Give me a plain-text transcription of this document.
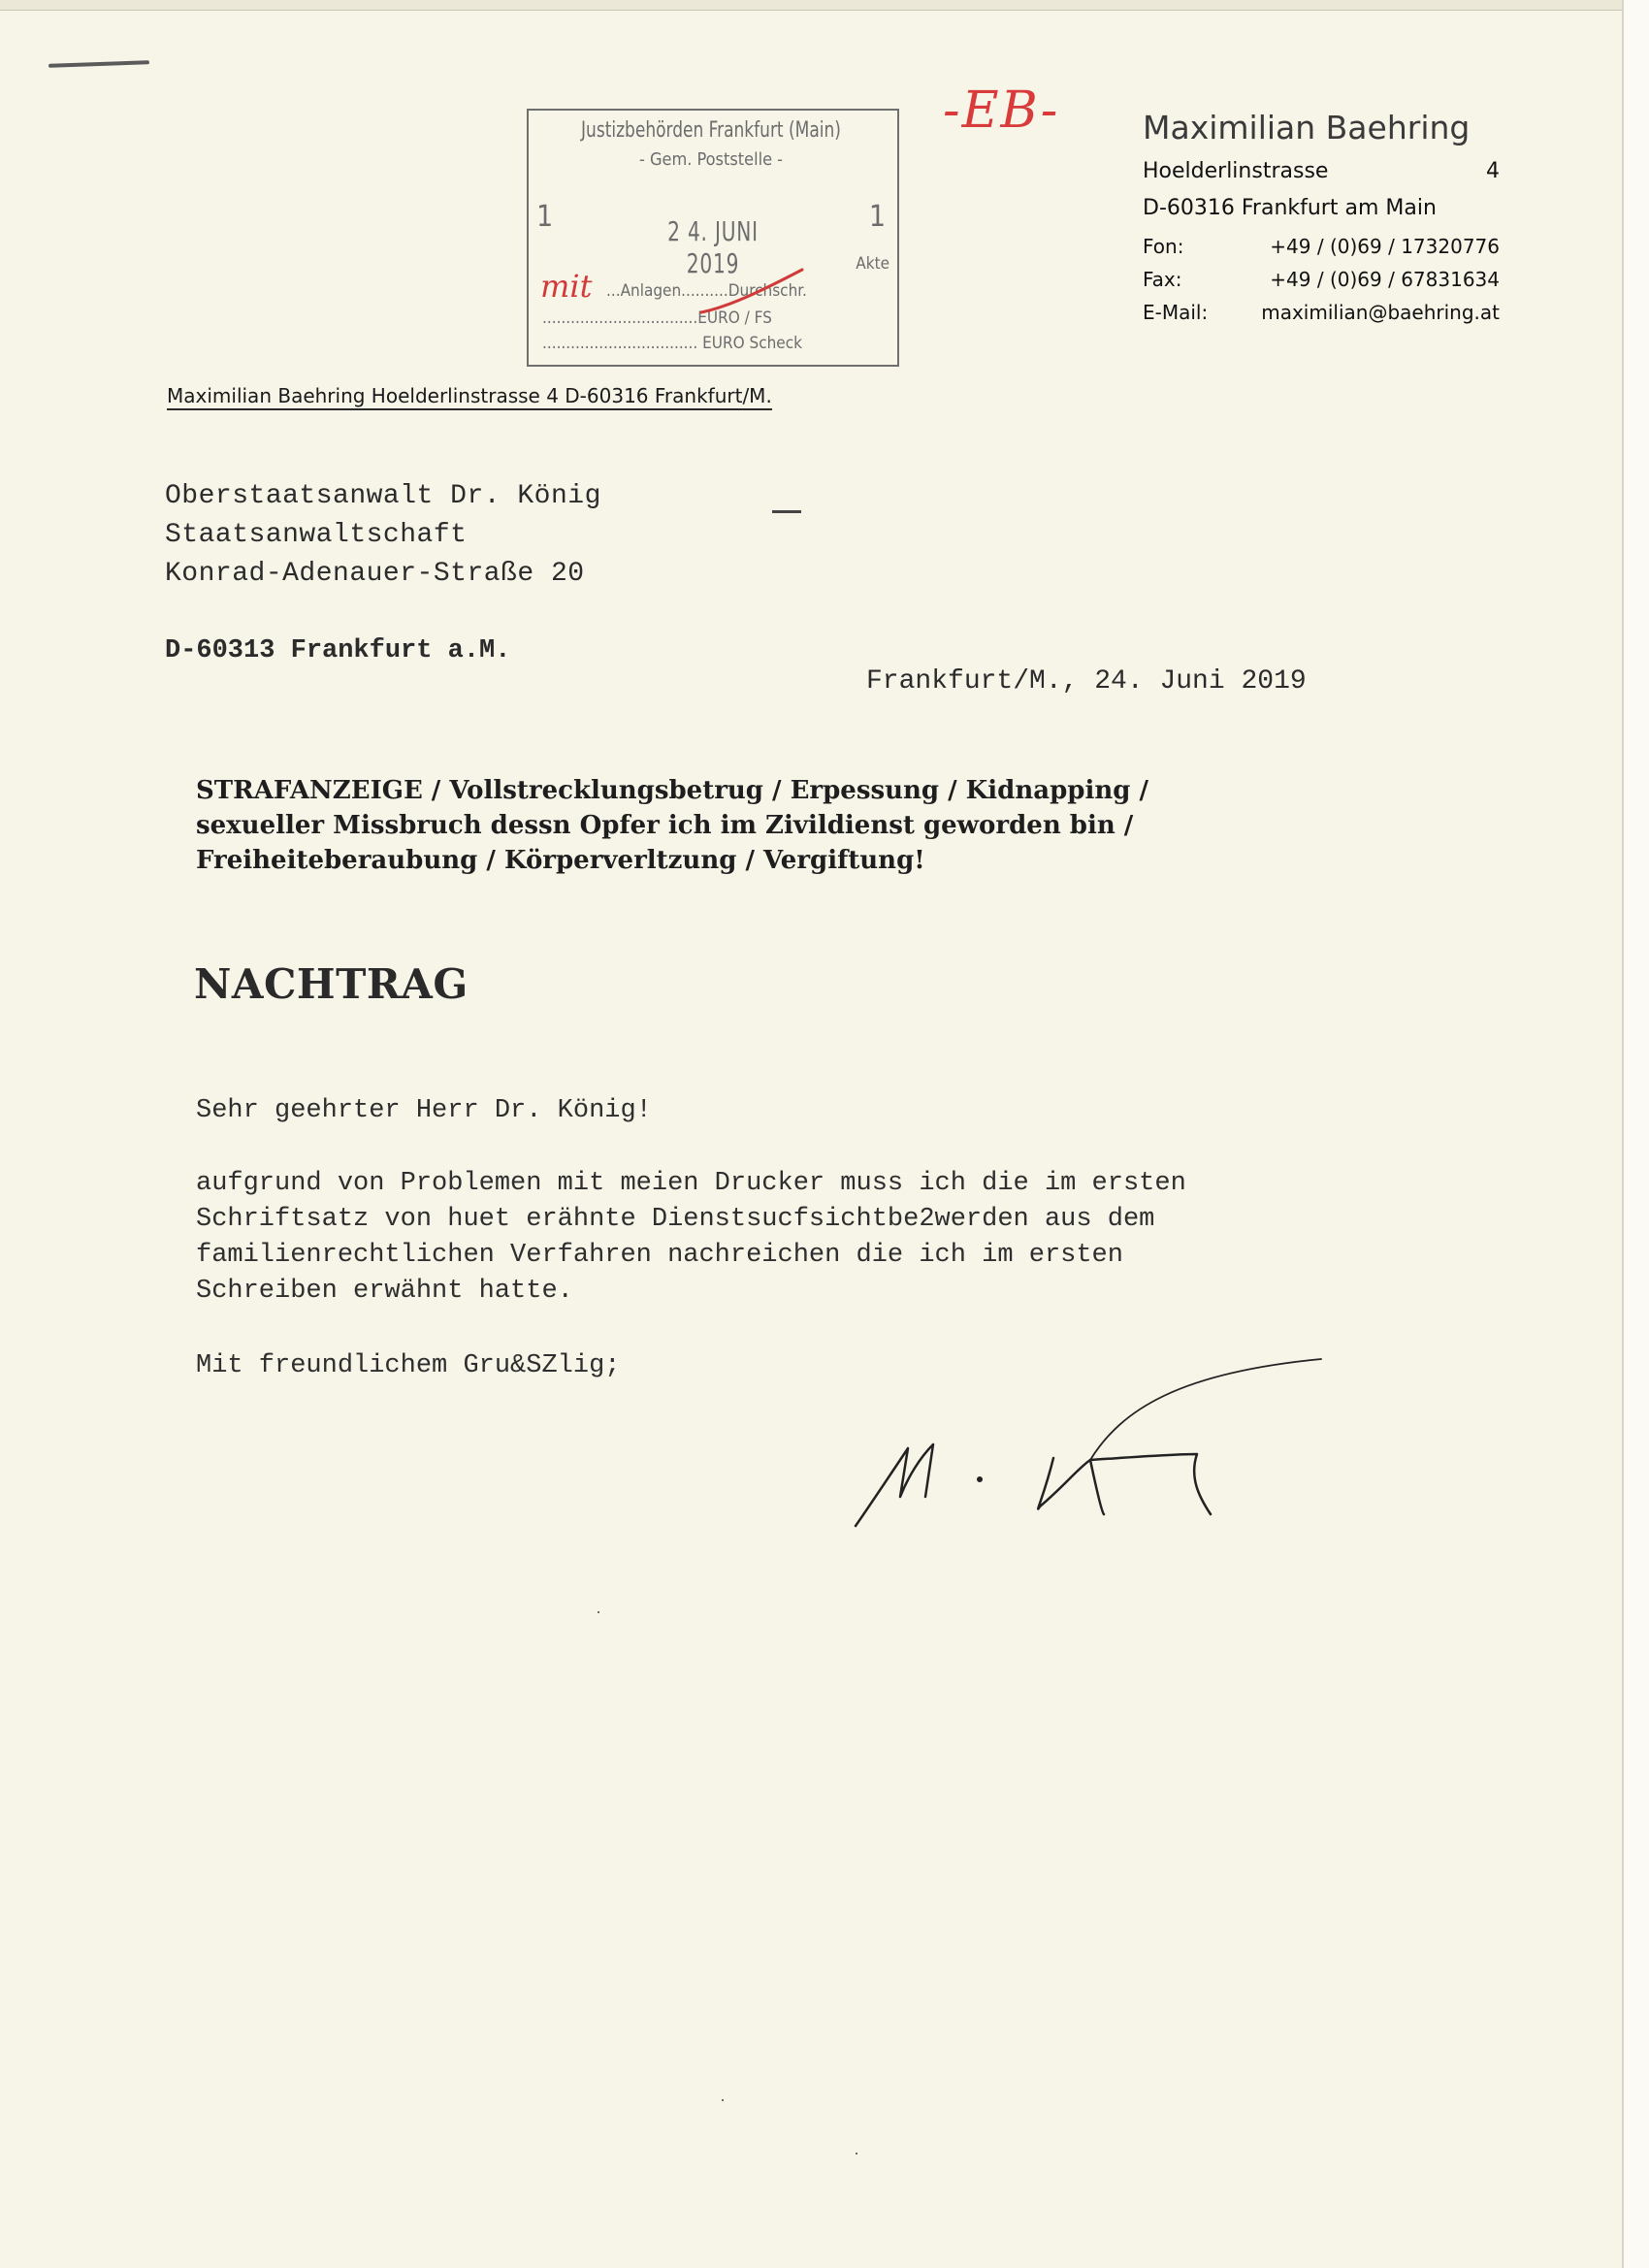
Justizbehörden Frankfurt (Main)
- Gem. Poststelle -
1	2 4. JUNI 2019
1
Akte
...Anlagen..........Durchschr.
.................................EURO / FS
................................. EURO Scheck
mit
-EB-	Maximilian Baehring
Hoelderlinstrasse	4
D-60316 Frankfurt am Main
Fon:	+49 / (0)69 / 17320776
Fax:	+49 / (0)69 / 67831634
E-Mail:	maximilian@baehring.at
Maximilian Baehring Hoelderlinstrasse 4 D-60316 Frankfurt/M.
Oberstaatsanwalt Dr. König
Staatsanwaltschaft
Konrad-Adenauer-Straße 20
D-60313 Frankfurt a.M.
Frankfurt/M., 24. Juni 2019
STRAFANZEIGE / Vollstrecklungsbetrug / Erpessung / Kidnapping /
sexueller Missbruch dessn Opfer ich im Zivildienst geworden bin /
Freiheiteberaubung / Körperverltzung / Vergiftung!
NACHTRAG
Sehr geehrter Herr Dr. König!
aufgrund von Problemen mit meien Drucker muss ich die im ersten
Schriftsatz von huet erähnte Dienstsucfsichtbe2werden aus dem
familienrechtlichen Verfahren nachreichen die ich im ersten
Schreiben erwähnt hatte.
Mit freundlichem Gru&SZlig;
·
·
·
